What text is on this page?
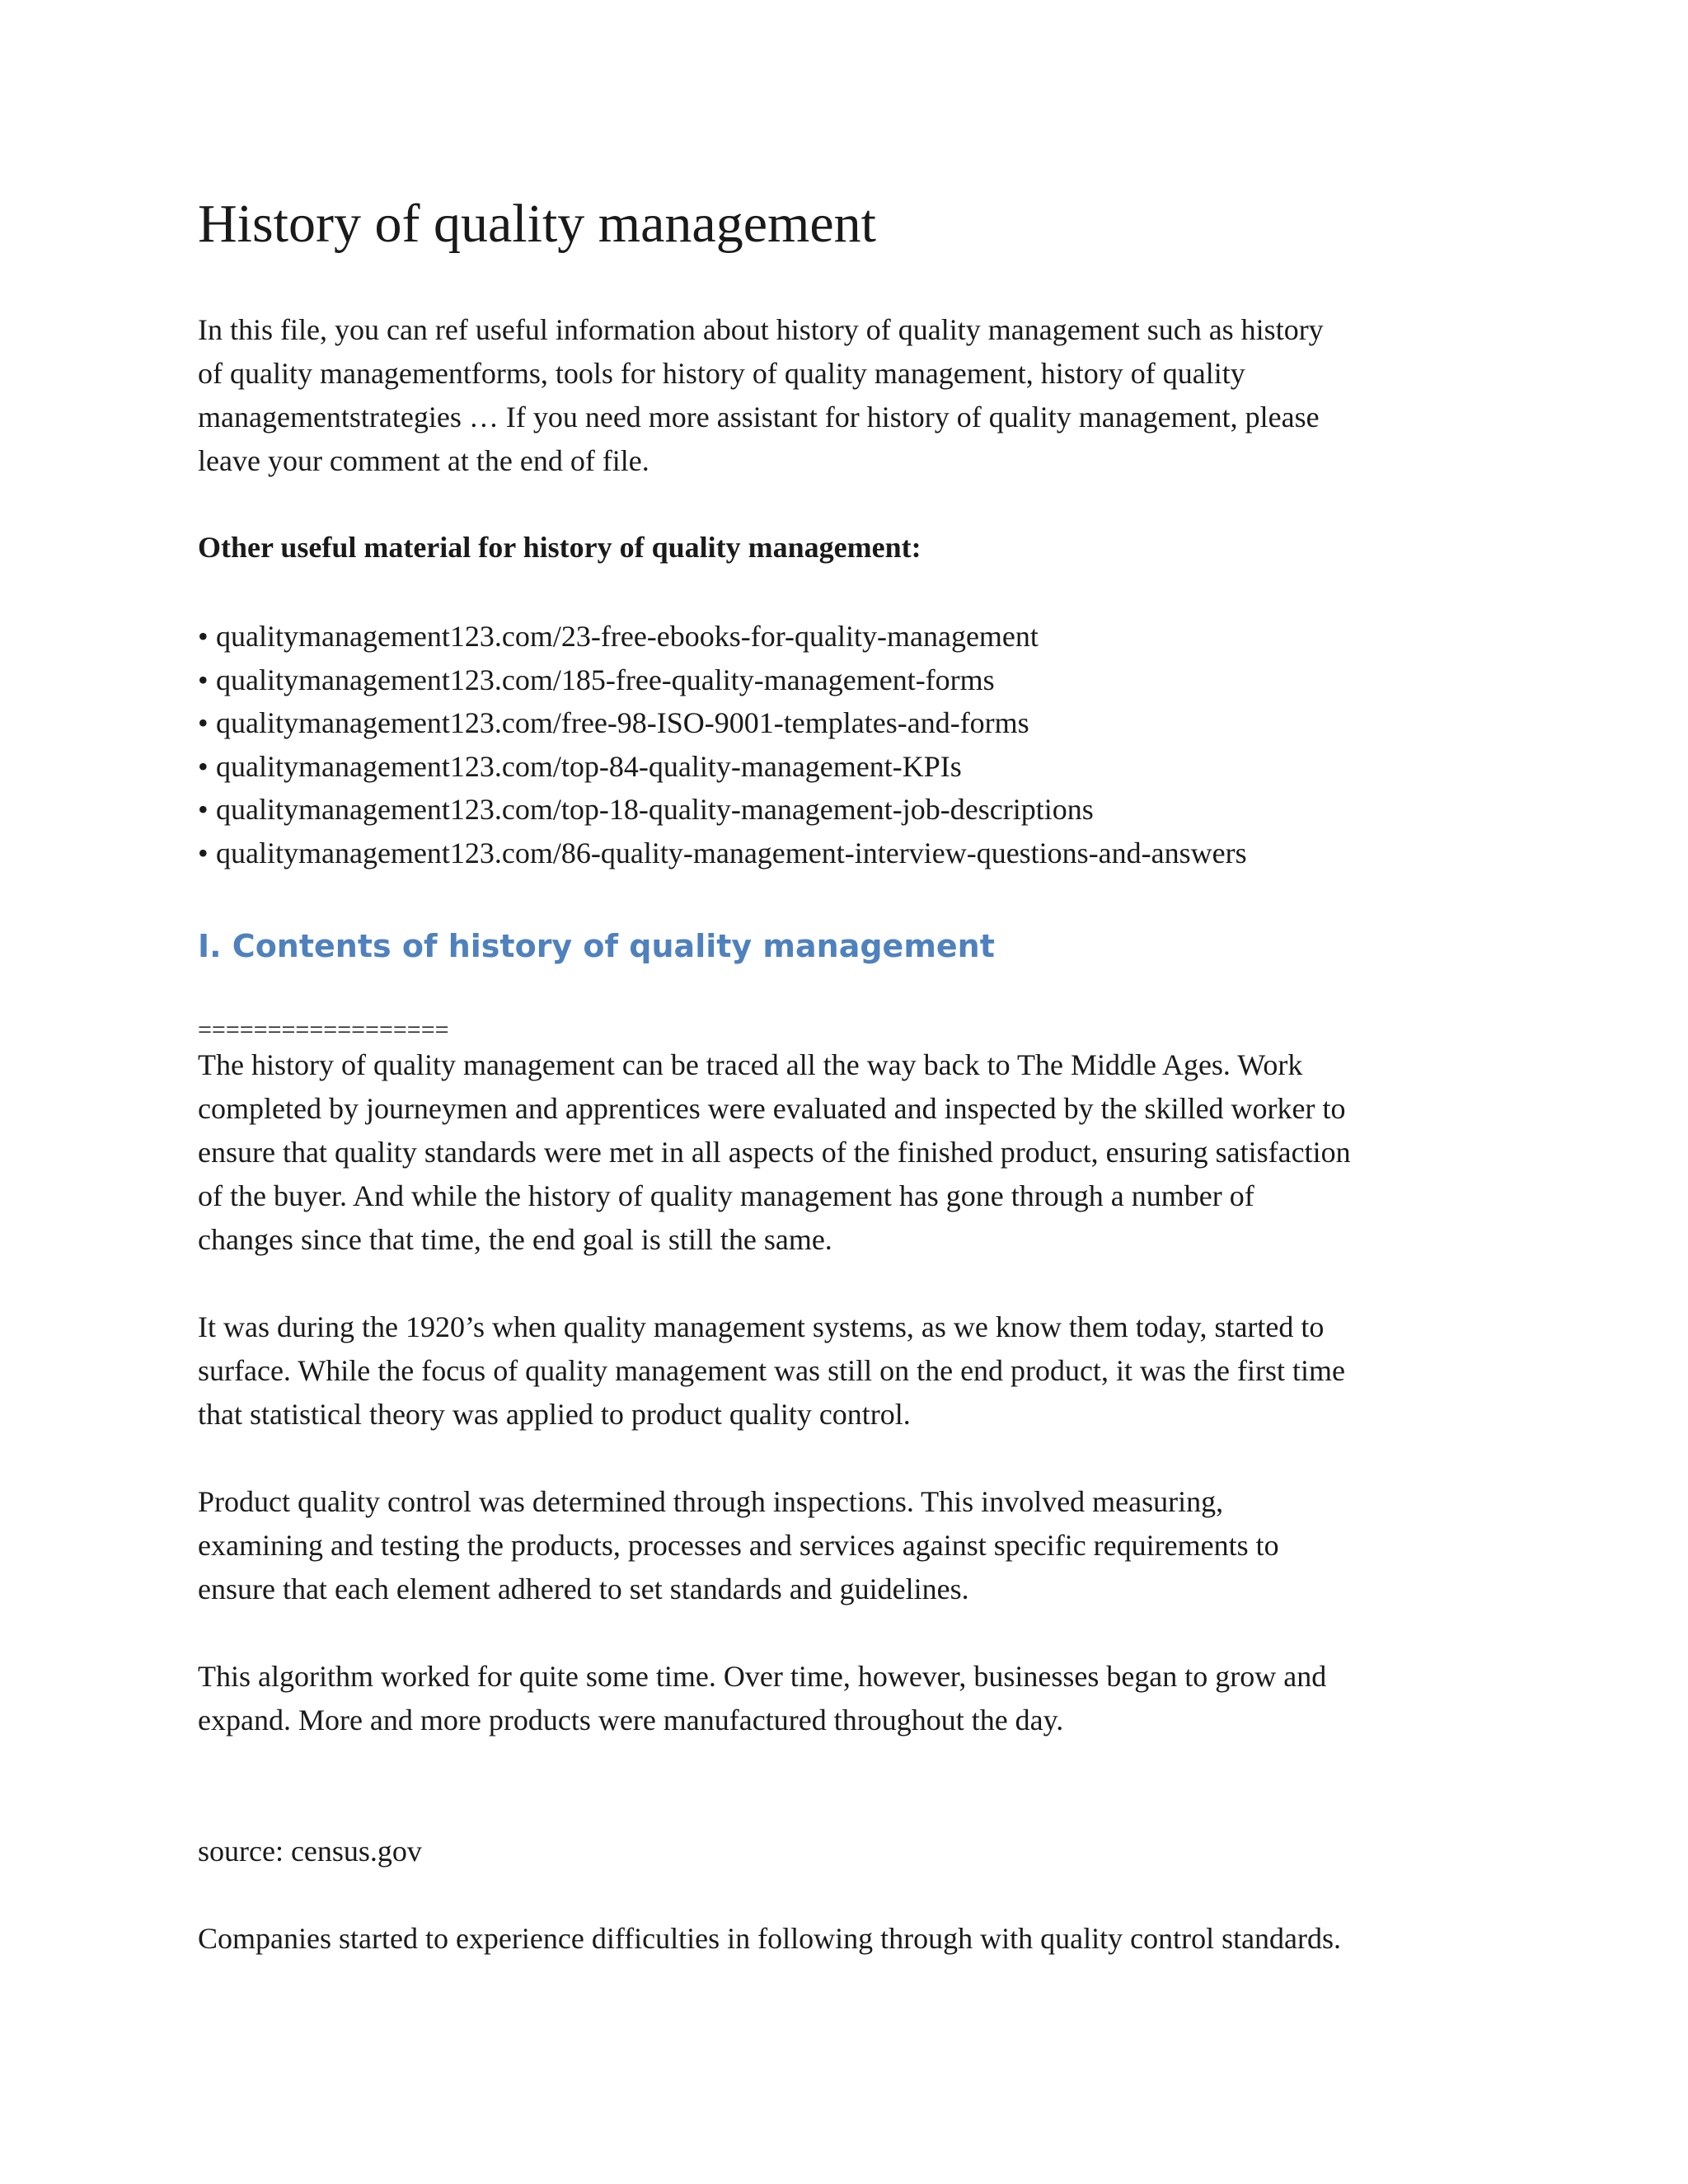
History of quality management

In this file, you can ref useful information about history of quality management such as history
of quality managementforms, tools for history of quality management, history of quality
managementstrategies … If you need more assistant for history of quality management, please
leave your comment at the end of file.

Other useful material for history of quality management:

• qualitymanagement123.com/23-free-ebooks-for-quality-management
• qualitymanagement123.com/185-free-quality-management-forms
• qualitymanagement123.com/free-98-ISO-9001-templates-and-forms
• qualitymanagement123.com/top-84-quality-management-KPIs
• qualitymanagement123.com/top-18-quality-management-job-descriptions
• qualitymanagement123.com/86-quality-management-interview-questions-and-answers
I. Contents of history of quality management

==================

The history of quality management can be traced all the way back to The Middle Ages. Work
completed by journeymen and apprentices were evaluated and inspected by the skilled worker to
ensure that quality standards were met in all aspects of the finished product, ensuring satisfaction
of the buyer. And while the history of quality management has gone through a number of
changes since that time, the end goal is still the same.

It was during the 1920’s when quality management systems, as we know them today, started to
surface. While the focus of quality management was still on the end product, it was the first time
that statistical theory was applied to product quality control.

Product quality control was determined through inspections. This involved measuring,
examining and testing the products, processes and services against specific requirements to
ensure that each element adhered to set standards and guidelines.

This algorithm worked for quite some time. Over time, however, businesses began to grow and
expand. More and more products were manufactured throughout the day.

source: census.gov

Companies started to experience difficulties in following through with quality control standards.
